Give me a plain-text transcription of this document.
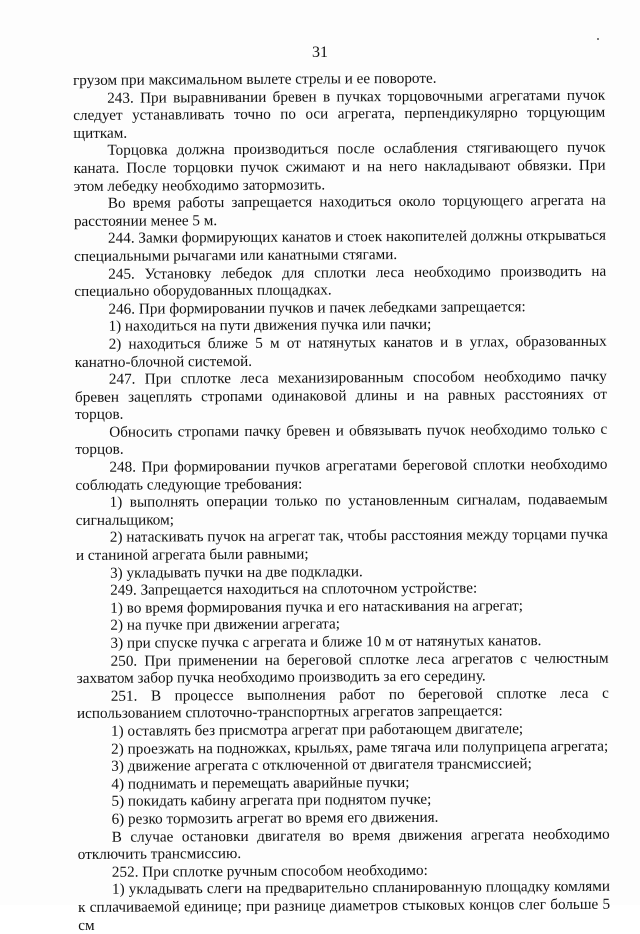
31

грузом при максимальном вылете стрелы и ее повороте.

243. При выравнивании бревен в пучках торцовочными агрегатами пучок следует устанавливать точно по оси агрегата, перпендикулярно торцующим щиткам.

Торцовка должна производиться после ослабления стягивающего пучок каната. После торцовки пучок сжимают и на него накладывают обвязки. При этом лебедку необходимо затормозить.

Во время работы запрещается находиться около торцующего агрегата на расстоянии менее 5 м.

244. Замки формирующих канатов и стоек накопителей должны открываться специальными рычагами или канатными стягами.

245. Установку лебедок для сплотки леса необходимо производить на специально оборудованных площадках.

246. При формировании пучков и пачек лебедками запрещается:

1) находиться на пути движения пучка или пачки;

2) находиться ближе 5 м от натянутых канатов и в углах, образованных канатно-блочной системой.

247. При сплотке леса механизированным способом необходимо пачку бревен зацеплять стропами одинаковой длины и на равных расстояниях от торцов.

Обносить стропами пачку бревен и обвязывать пучок необходимо только с торцов.

248. При формировании пучков агрегатами береговой сплотки необходимо соблюдать следующие требования:

1) выполнять операции только по установленным сигналам, подаваемым сигнальщиком;

2) натаскивать пучок на агрегат так, чтобы расстояния между торцами пучка и станиной агрегата были равными;

3) укладывать пучки на две подкладки.

249. Запрещается находиться на сплоточном устройстве:

1) во время формирования пучка и его натаскивания на агрегат;

2) на пучке при движении агрегата;

3) при спуске пучка с агрегата и ближе 10 м от натянутых канатов.

250. При применении на береговой сплотке леса агрегатов с челюстным захватом забор пучка необходимо производить за его середину.

251. В процессе выполнения работ по береговой сплотке леса с использованием сплоточно-транспортных агрегатов запрещается:

1) оставлять без присмотра агрегат при работающем двигателе;

2) проезжать на подножках, крыльях, раме тягача или полуприцепа агрегата;

3) движение агрегата с отключенной от двигателя трансмиссией;

4) поднимать и перемещать аварийные пучки;

5) покидать кабину агрегата при поднятом пучке;

6) резко тормозить агрегат во время его движения.

В случае остановки двигателя во время движения агрегата необходимо отключить трансмиссию.

252. При сплотке ручным способом необходимо:

1) укладывать слеги на предварительно спланированную площадку комлями к сплачиваемой единице; при разнице диаметров стыковых концов слег больше 5 см
